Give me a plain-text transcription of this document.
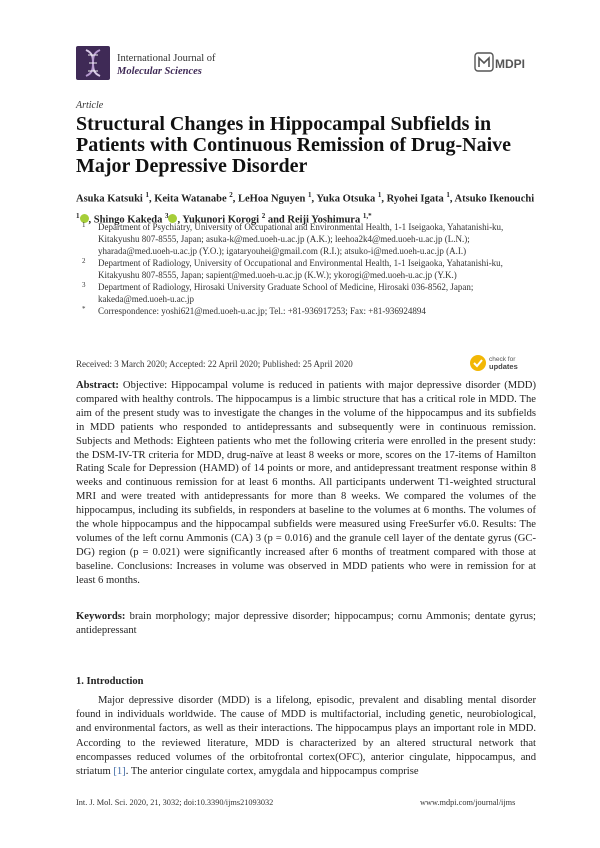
International Journal of
Molecular Sciences
MDPI
Article
Structural Changes in Hippocampal Subfields in Patients with Continuous Remission of Drug-Naive Major Depressive Disorder
Asuka Katsuki $^1$, Keita Watanabe $^2$, LeHoa Nguyen $^1$, Yuka Otsuka $^1$, Ryohei Igata $^1$, Atsuko Ikenouchi $^1$ , Shingo Kakeda $^3$ , Yukunori Korogi $^2$ and Reiji Yoshimura $^{1,*}$
1 Department of Psychiatry, University of Occupational and Environmental Health, 1-1 Iseigaoka, Yahatanishi-ku, Kitakyushu 807-8555, Japan; asuka-k@med.uoeh-u.ac.jp (A.K.); leehoa2k4@med.uoeh-u.ac.jp (L.N.); yharada@med.uoeh-u.ac.jp (Y.O.); igataryouhei@gmail.com (R.I.); atsuko-i@med.uoeh-u.ac.jp (A.I.)
2 Department of Radiology, University of Occupational and Environmental Health, 1-1 Iseigaoka, Yahatanishi-ku, Kitakyushu 807-8555, Japan; sapient@med.uoeh-u.ac.jp (K.W.); ykorogi@med.uoeh-u.ac.jp (Y.K.)
3 Department of Radiology, Hirosaki University Graduate School of Medicine, Hirosaki 036-8562, Japan; kakeda@med.uoeh-u.ac.jp
* Correspondence: yoshi621@med.uoeh-u.ac.jp; Tel.: +81-936917253; Fax: +81-936924894
Received: 3 March 2020; Accepted: 22 April 2020; Published: 25 April 2020	check for
updates

Abstract: Objective: Hippocampal volume is reduced in patients with major depressive disorder (MDD) compared with healthy controls. The hippocampus is a limbic structure that has a critical role in MDD. The aim of the present study was to investigate the changes in the volume of the hippocampus and its subfields in MDD patients who responded to antidepressants and subsequently were in continuous remission. Subjects and Methods: Eighteen patients who met the following criteria were enrolled in the present study: the DSM-IV-TR criteria for MDD, drug-naïve at least 8 weeks or more, scores on the 17-items of Hamilton Rating Scale for Depression (HAMD) of 14 points or more, and antidepressant treatment response within 8 weeks and continuous remission for at least 6 months. All participants underwent T1-weighted structural MRI and were treated with antidepressants for more than 8 weeks. We compared the volumes of the hippocampus, including its subfields, in responders at baseline to the volumes at 6 months. The volumes of the whole hippocampus and the hippocampal subfields were measured using FreeSurfer v6.0. Results: The volumes of the left cornu Ammonis (CA) 3 (p = 0.016) and the granule cell layer of the dentate gyrus (GC-DG) region (p = 0.021) were significantly increased after 6 months of treatment compared with those at baseline. Conclusions: Increases in volume was observed in MDD patients who were in remission for at least 6 months.

Keywords: brain morphology; major depressive disorder; hippocampus; cornu Ammonis; dentate gyrus; antidepressant

1. Introduction

Major depressive disorder (MDD) is a lifelong, episodic, prevalent and disabling mental disorder found in individuals worldwide. The cause of MDD is multifactorial, including genetic, neurobiological, and environmental factors, as well as their interactions. The hippocampus plays an important role in MDD. According to the reviewed literature, MDD is characterized by an altered structural network that encompasses reduced volumes of the orbitofrontal cortex(OFC), anterior cingulate, hippocampus, and striatum [1]. The anterior cingulate cortex, amygdala and hippocampus comprise

Int. J. Mol. Sci. 2020, 21, 3032; doi:10.3390/ijms21093032	www.mdpi.com/journal/ijms
